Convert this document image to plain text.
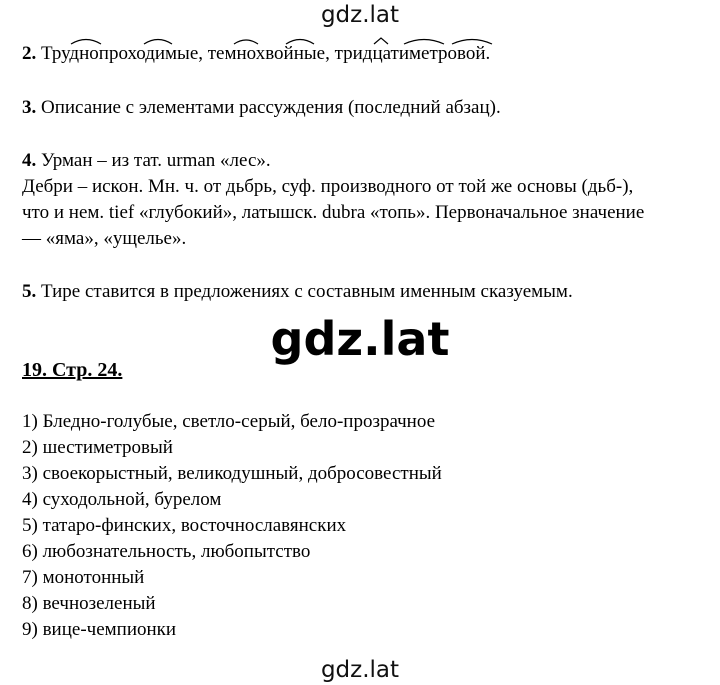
gdz.lat
2. Труднопроходимые, темнохвойные, тридцатиметровой.
3. Описание с элементами рассуждения (последний абзац).
4. Урман – из тат. urman «лес».
Дебри – искон. Мн. ч. от дьбрь, суф. производного от той же основы (дьб-),
что и нем. tief «глубокий», латышск. dubra «топь». Первоначальное значение
— «яма», «ущелье».
5. Тире ставится в предложениях с составным именным сказуемым.
gdz.lat
19. Стр. 24.
1) Бледно-голубые, светло-серый, бело-прозрачное
2) шестиметровый
3) своекорыстный, великодушный, добросовестный
4) суходольной, бурелом
5) татаро-финских, восточнославянских
6) любознательность, любопытство
7) монотонный
8) вечнозеленый
9) вице-чемпионки
gdz.lat
